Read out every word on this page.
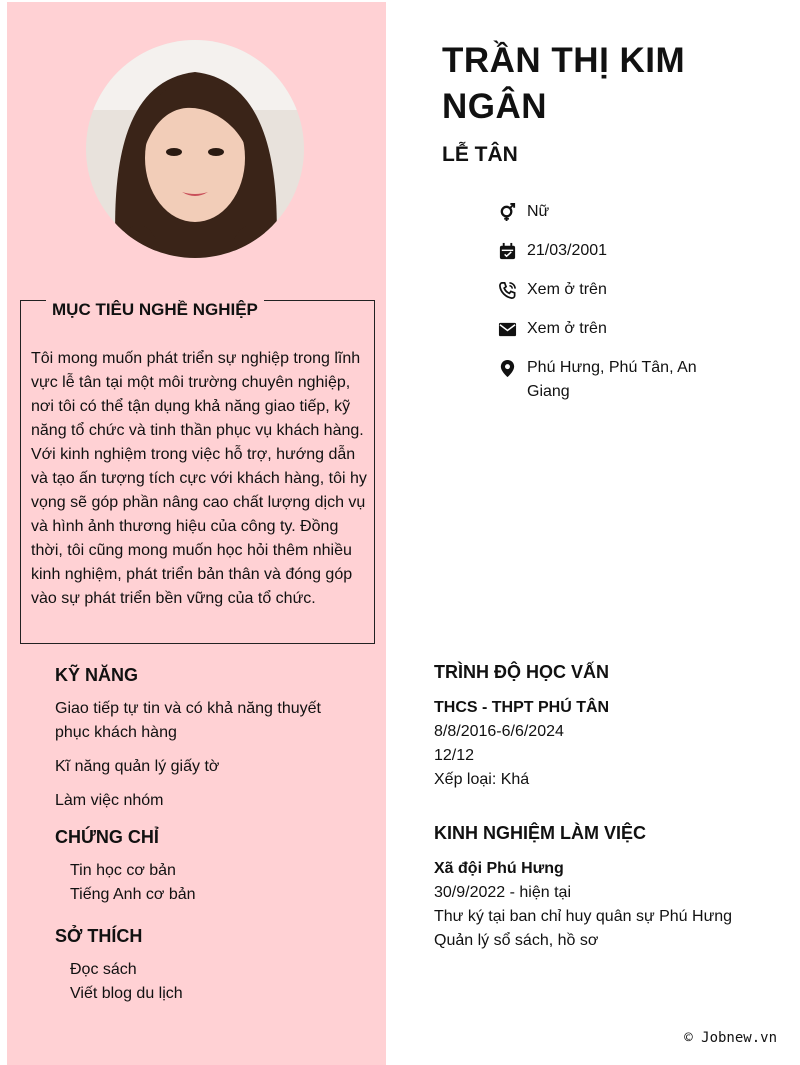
MỤC TIÊU NGHỀ NGHIỆP

Tôi mong muốn phát triển sự nghiệp trong lĩnh vực lễ tân tại một môi trường chuyên nghiệp, nơi tôi có thể tận dụng khả năng giao tiếp, kỹ năng tổ chức và tinh thần phục vụ khách hàng. Với kinh nghiệm trong việc hỗ trợ, hướng dẫn và tạo ấn tượng tích cực với khách hàng, tôi hy vọng sẽ góp phần nâng cao chất lượng dịch vụ và hình ảnh thương hiệu của công ty. Đồng thời, tôi cũng mong muốn học hỏi thêm nhiều kinh nghiệm, phát triển bản thân và đóng góp vào sự phát triển bền vững của tổ chức.

KỸ NĂNG
Giao tiếp tự tin và có khả năng thuyết phục khách hàng
Kĩ năng quản lý giấy tờ
Làm việc nhóm
CHỨNG CHỈ
Tin học cơ bản
Tiếng Anh cơ bản
SỞ THÍCH
Đọc sách
Viết blog du lịch
TRẦN THỊ KIM NGÂN
LỄ TÂN
Nữ
21/03/2001
Xem ở trên
Xem ở trên
Phú Hưng, Phú Tân, An Giang
TRÌNH ĐỘ HỌC VẤN

THCS - THPT PHÚ TÂN

8/8/2016-6/6/2024

12/12

Xếp loại: Khá

KINH NGHIỆM LÀM VIỆC

Xã đội Phú Hưng

30/9/2022 - hiện tại

Thư ký tại ban chỉ huy quân sự Phú Hưng

Quản lý sổ sách, hồ sơ

© Jobnew.vn
